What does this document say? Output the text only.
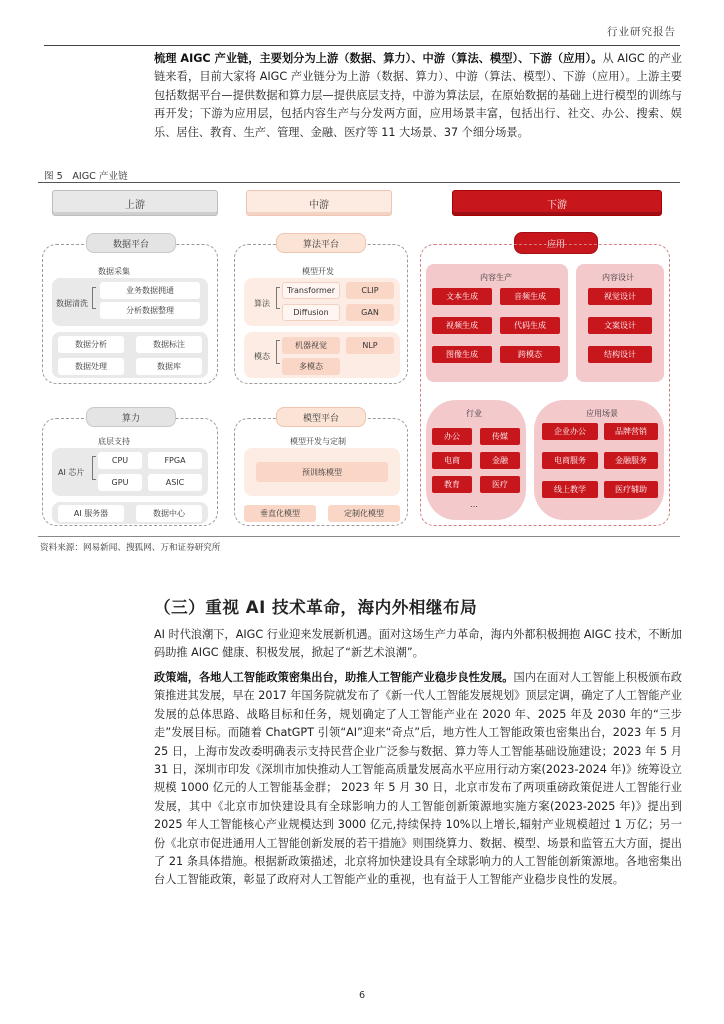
行业研究报告

梳理 AIGC 产业链，主要划分为上游（数据、算力）、中游（算法、模型）、下游（应用）。从 AIGC 的产业链来看，目前大家将 AIGC 产业链分为上游（数据、算力）、中游（算法、模型）、下游（应用）。上游主要包括数据平台—提供数据和算力层—提供底层支持，中游为算法层，在原始数据的基础上进行模型的训练与再开发；下游为应用层，包括内容生产与分发两方面，应用场景丰富，包括出行、社交、办公、搜索、娱乐、居住、教育、生产、管理、金融、医疗等 11 大场景、37 个细分场景。

图 5　AIGC 产业链
上游	中游	下游
数据平台
数据采集
数据清洗
业务数据拥通
分析数据整理
数据分析	数据标注
数据处理	数据库
算力
底层支持
AI 芯片
CPU	FPGA
GPU	ASIC
AI 服务器	数据中心
算法平台
模型开发
算法
Transformer	CLIP
Diffusion	GAN
模态
机器视觉	NLP
多模态
模型平台
模型开发与定制
预训练模型
垂直化模型	定制化模型
应用
内容生产
文本生成	音频生成
视频生成	代码生成
图像生成	跨模态
内容设计
视觉设计
文案设计
结构设计
行业
办公	传媒
电商	金融
教育	医疗
…
应用场景
企业办公	品牌营销
电商服务	金融服务
线上教学	医疗辅助
资料来源：网易新闻、搜狐网、万和证券研究所
（三）重视 AI 技术革命，海内外相继布局

AI 时代浪潮下，AIGC 行业迎来发展新机遇。面对这场生产力革命，海内外都积极拥抱 AIGC 技术，不断加码助推 AIGC 健康、积极发展，掀起了“新艺术浪潮”。

政策端，各地人工智能政策密集出台，助推人工智能产业稳步良性发展。国内在面对人工智能上积极颁布政策推进其发展，早在 2017 年国务院就发布了《新一代人工智能发展规划》顶层定调，确定了人工智能产业发展的总体思路、战略目标和任务，规划确定了人工智能产业在 2020 年、2025 年及 2030 年的“三步走”发展目标。而随着 ChatGPT 引领“AI”迎来“奇点”后，地方性人工智能政策也密集出台，2023 年 5 月 25 日，上海市发改委明确表示支持民营企业广泛参与数据、算力等人工智能基础设施建设；2023 年 5 月 31 日，深圳市印发《深圳市加快推动人工智能高质量发展高水平应用行动方案(2023-2024 年)》统筹设立规模 1000 亿元的人工智能基金群； 2023 年 5 月 30 日，北京市发布了两项重磅政策促进人工智能行业发展，其中《北京市加快建设具有全球影响力的人工智能创新策源地实施方案(2023-2025 年)》提出到 2025 年人工智能核心产业规模达到 3000 亿元,持续保持 10%以上增长,辐射产业规模超过 1 万亿；另一份《北京市促进通用人工智能创新发展的若干措施》则围绕算力、数据、模型、场景和监管五大方面，提出了 21 条具体措施。根据新政策描述，北京将加快建设具有全球影响力的人工智能创新策源地。各地密集出台人工智能政策，彰显了政府对人工智能产业的重视，也有益于人工智能产业稳步良性的发展。

6
